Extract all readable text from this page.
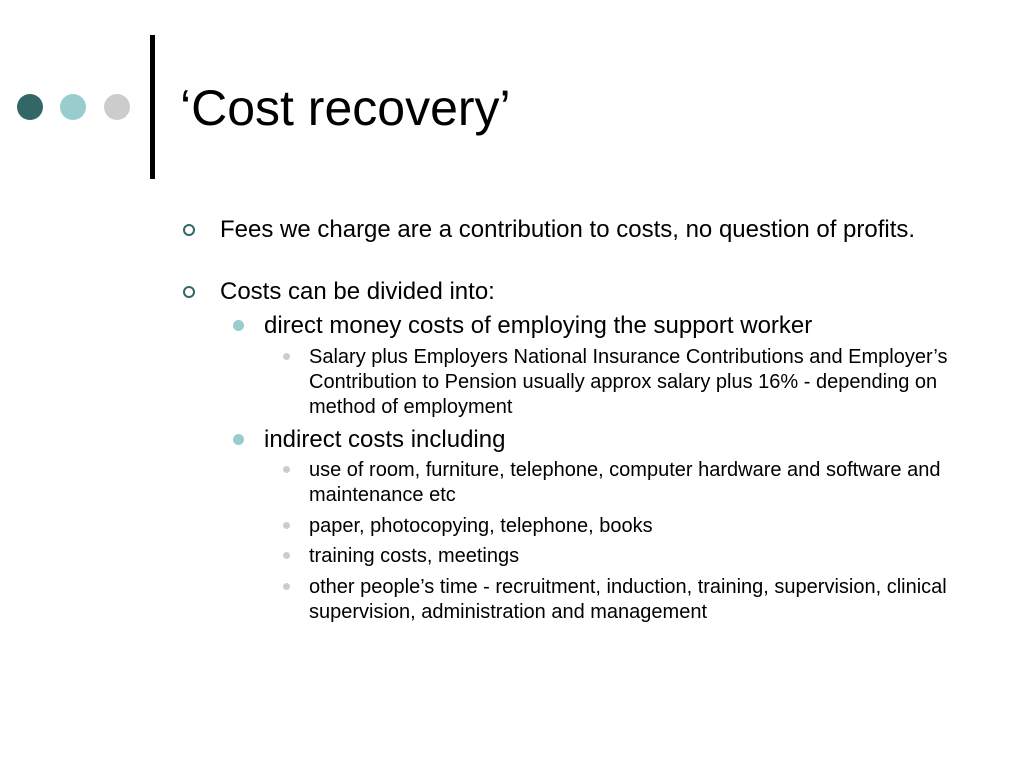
‘Cost recovery’
Fees we charge are a contribution to costs, no question of profits.
Costs can be divided into:
direct money costs of employing the support worker
Salary plus Employers National Insurance Contributions and Employer’s Contribution to Pension usually approx salary plus 16% - depending on method of employment
indirect costs including
use of room, furniture, telephone, computer hardware and software and maintenance etc
paper, photocopying, telephone, books
training costs, meetings
other people’s time - recruitment, induction, training, supervision, clinical supervision, administration and management
